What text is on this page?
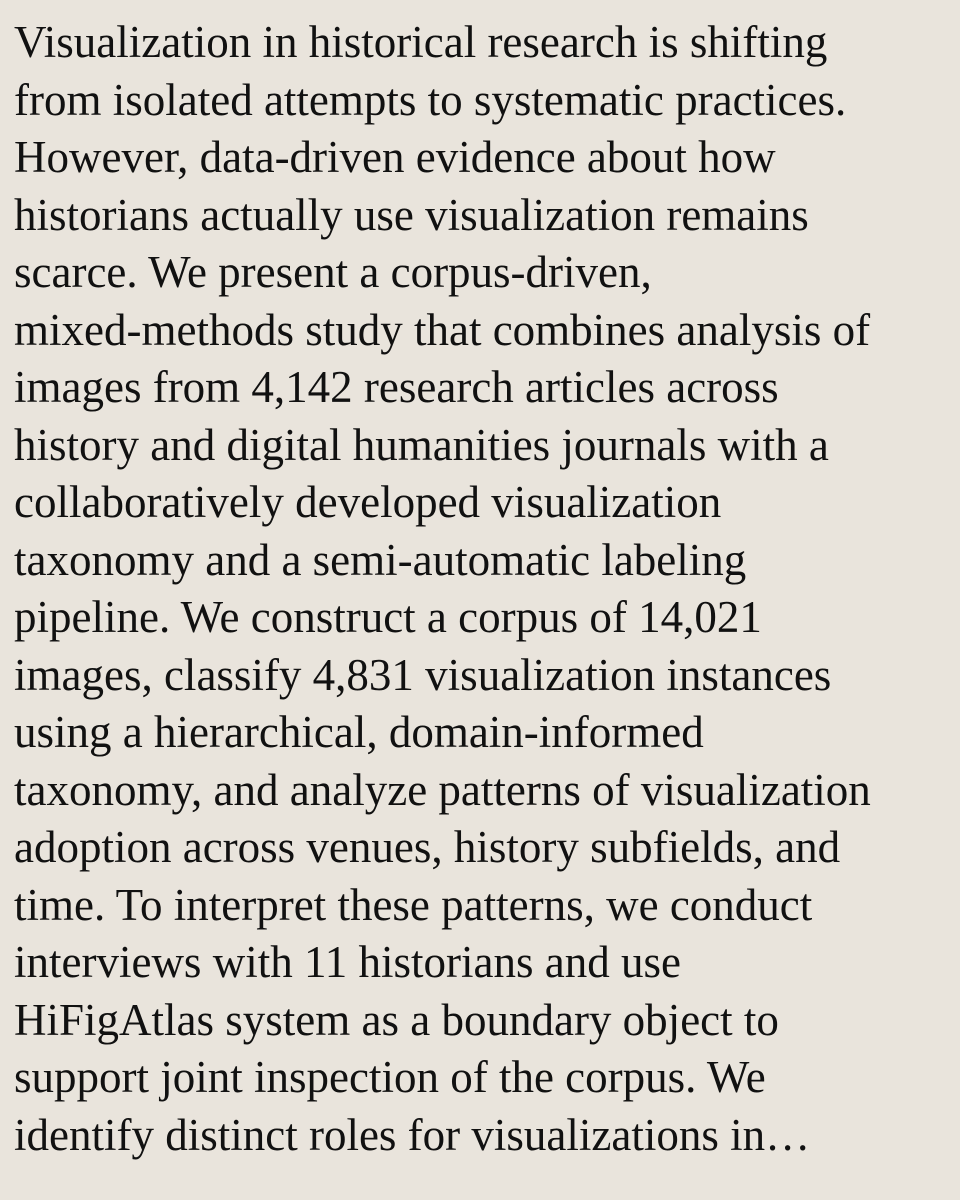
Visualization in historical research is shifting
from isolated attempts to systematic practices.
However, data-driven evidence about how
historians actually use visualization remains
scarce. We present a corpus-driven,
mixed-methods study that combines analysis of
images from 4,142 research articles across
history and digital humanities journals with a
collaboratively developed visualization
taxonomy and a semi-automatic labeling
pipeline. We construct a corpus of 14,021
images, classify 4,831 visualization instances
using a hierarchical, domain-informed
taxonomy, and analyze patterns of visualization
adoption across venues, history subfields, and
time. To interpret these patterns, we conduct
interviews with 11 historians and use
HiFigAtlas system as a boundary object to
support joint inspection of the corpus. We
identify distinct roles for visualizations in…
